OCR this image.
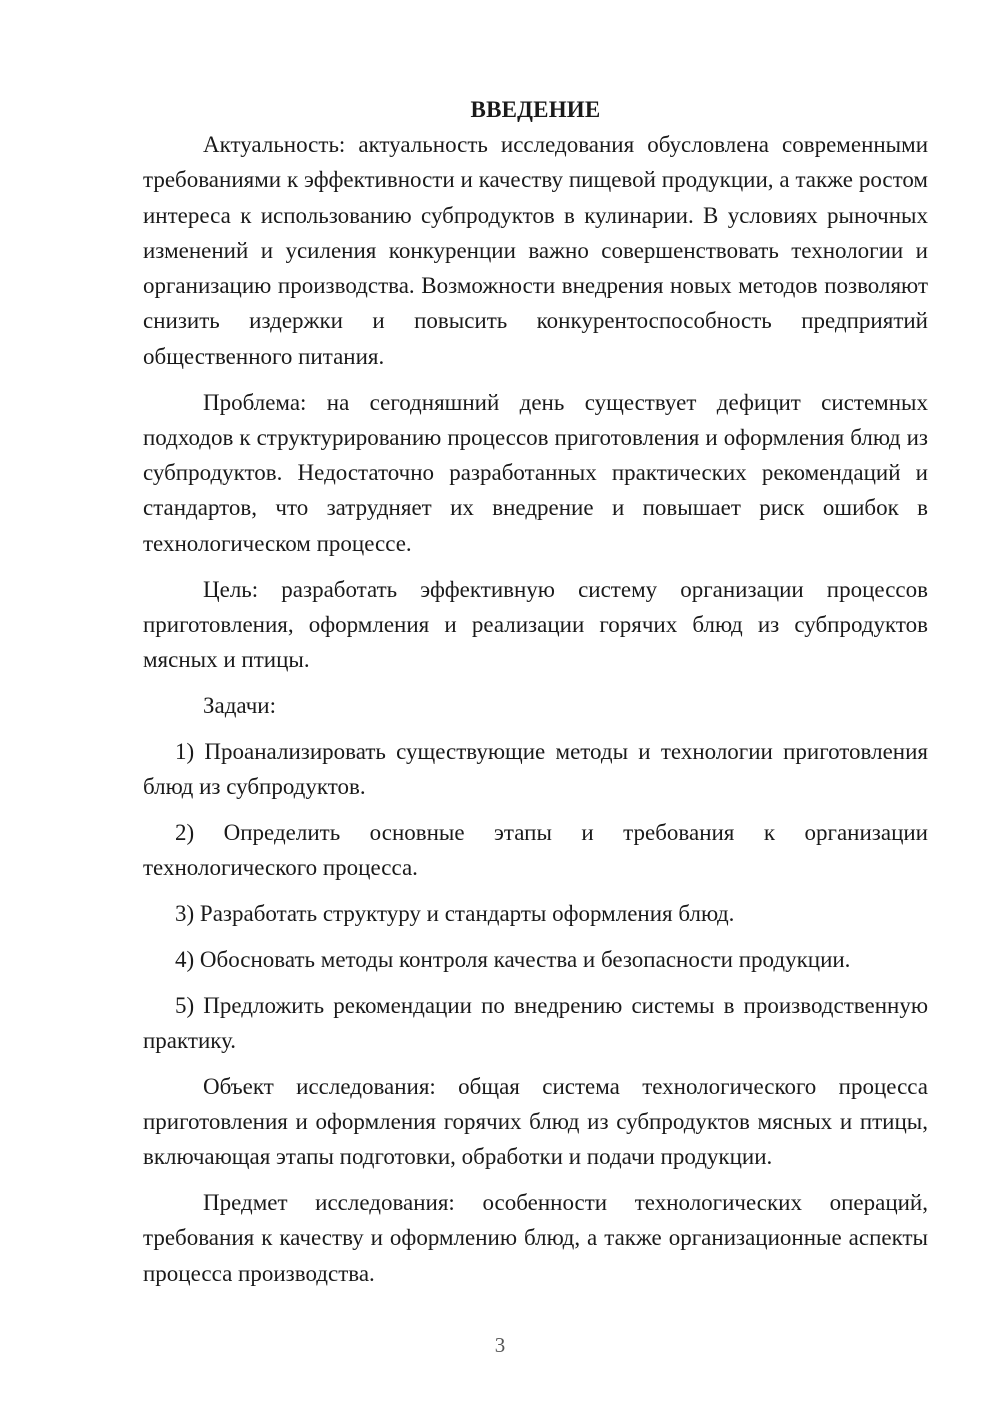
ВВЕДЕНИЕ

Актуальность: актуальность исследования обусловлена современными требованиями к эффективности и качеству пищевой продукции, а также ростом интереса к использованию субпродуктов в кулинарии. В условиях рыночных изменений и усиления конкуренции важно совершенствовать технологии и организацию производства. Возможности внедрения новых методов позволяют снизить издержки и повысить конкурентоспособность предприятий общественного питания.

Проблема: на сегодняшний день существует дефицит системных подходов к структурированию процессов приготовления и оформления блюд из субпродуктов. Недостаточно разработанных практических рекомендаций и стандартов, что затрудняет их внедрение и повышает риск ошибок в технологическом процессе.

Цель: разработать эффективную систему организации процессов приготовления, оформления и реализации горячих блюд из субпродуктов мясных и птицы.

Задачи:

1) Проанализировать существующие методы и технологии приготовления блюд из субпродуктов.

2) Определить основные этапы и требования к организации технологического процесса.

3) Разработать структуру и стандарты оформления блюд.

4) Обосновать методы контроля качества и безопасности продукции.

5) Предложить рекомендации по внедрению системы в производственную практику.

Объект исследования: общая система технологического процесса приготовления и оформления горячих блюд из субпродуктов мясных и птицы, включающая этапы подготовки, обработки и подачи продукции.

Предмет исследования: особенности технологических операций, требования к качеству и оформлению блюд, а также организационные аспекты процесса производства.

3
